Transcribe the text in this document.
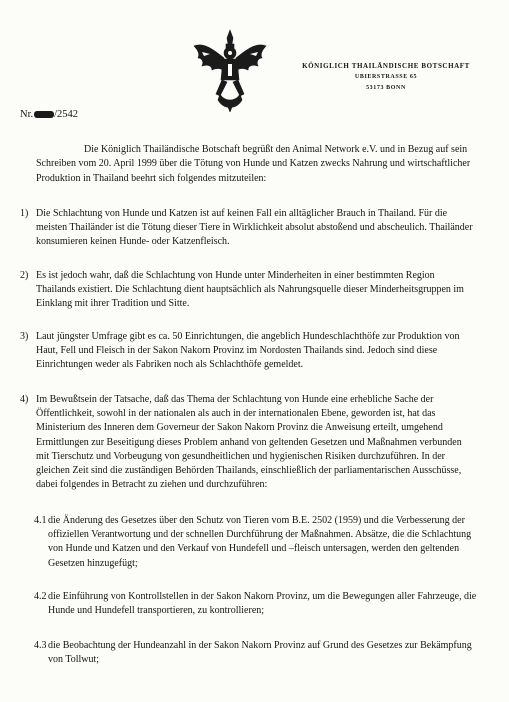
KÖNIGLICH THAILÄNDISCHE BOTSCHAFT
UBIERSTRASSE 65
53173 BONN
Nr. /2542
Die Königlich Thailändische Botschaft begrüßt den Animal Network e.V. und in Bezug auf sein Schreiben vom 20. April 1999 über die Tötung von Hunde und Katzen zwecks Nahrung und wirtschaftlicher Produktion in Thailand beehrt sich folgendes mitzuteilen:
1) Die Schlachtung von Hunde und Katzen ist auf keinen Fall ein alltäglicher Brauch in Thailand. Für die meisten Thailänder ist die Tötung dieser Tiere in Wirklichkeit absolut abstoßend und abscheulich. Thailänder konsumieren keinen Hunde- oder Katzenfleisch.
2) Es ist jedoch wahr, daß die Schlachtung von Hunde unter Minderheiten in einer bestimmten Region Thailands existiert. Die Schlachtung dient hauptsächlich als Nahrungsquelle dieser Minderheitsgruppen im Einklang mit ihrer Tradition und Sitte.
3) Laut jüngster Umfrage gibt es ca. 50 Einrichtungen, die angeblich Hundeschlachthöfe zur Produktion von Haut, Fell und Fleisch in der Sakon Nakorn Provinz im Nordosten Thailands sind. Jedoch sind diese Einrichtungen weder als Fabriken noch als Schlachthöfe gemeldet.
4) Im Bewußtsein der Tatsache, daß das Thema der Schlachtung von Hunde eine erhebliche Sache der Öffentlichkeit, sowohl in der nationalen als auch in der internationalen Ebene, geworden ist, hat das Ministerium des Inneren dem Governeur der Sakon Nakorn Provinz die Anweisung erteilt, umgehend Ermittlungen zur Beseitigung dieses Problem anhand von geltenden Gesetzen und Maßnahmen verbunden mit Tierschutz und Vorbeugung von gesundheitlichen und hygienischen Risiken durchzuführen. In der gleichen Zeit sind die zuständigen Behörden Thailands, einschließlich der parliamentarischen Ausschüsse, dabei folgendes in Betracht zu ziehen und durchzuführen:
4.1 die Änderung des Gesetzes über den Schutz von Tieren vom B.E. 2502 (1959) und die Verbesserung der offiziellen Verantwortung und der schnellen Durchführung der Maßnahmen. Absätze, die die Schlachtung von Hunde und Katzen und den Verkauf von Hundefell und –fleisch untersagen, werden den geltenden Gesetzen hinzugefügt;
4.2 die Einführung von Kontrollstellen in der Sakon Nakorn Provinz, um die Bewegungen aller Fahrzeuge, die Hunde und Hundefell transportieren, zu kontrollieren;
4.3 die Beobachtung der Hundeanzahl in der Sakon Nakorn Provinz auf Grund des Gesetzes zur Bekämpfung von Tollwut;
